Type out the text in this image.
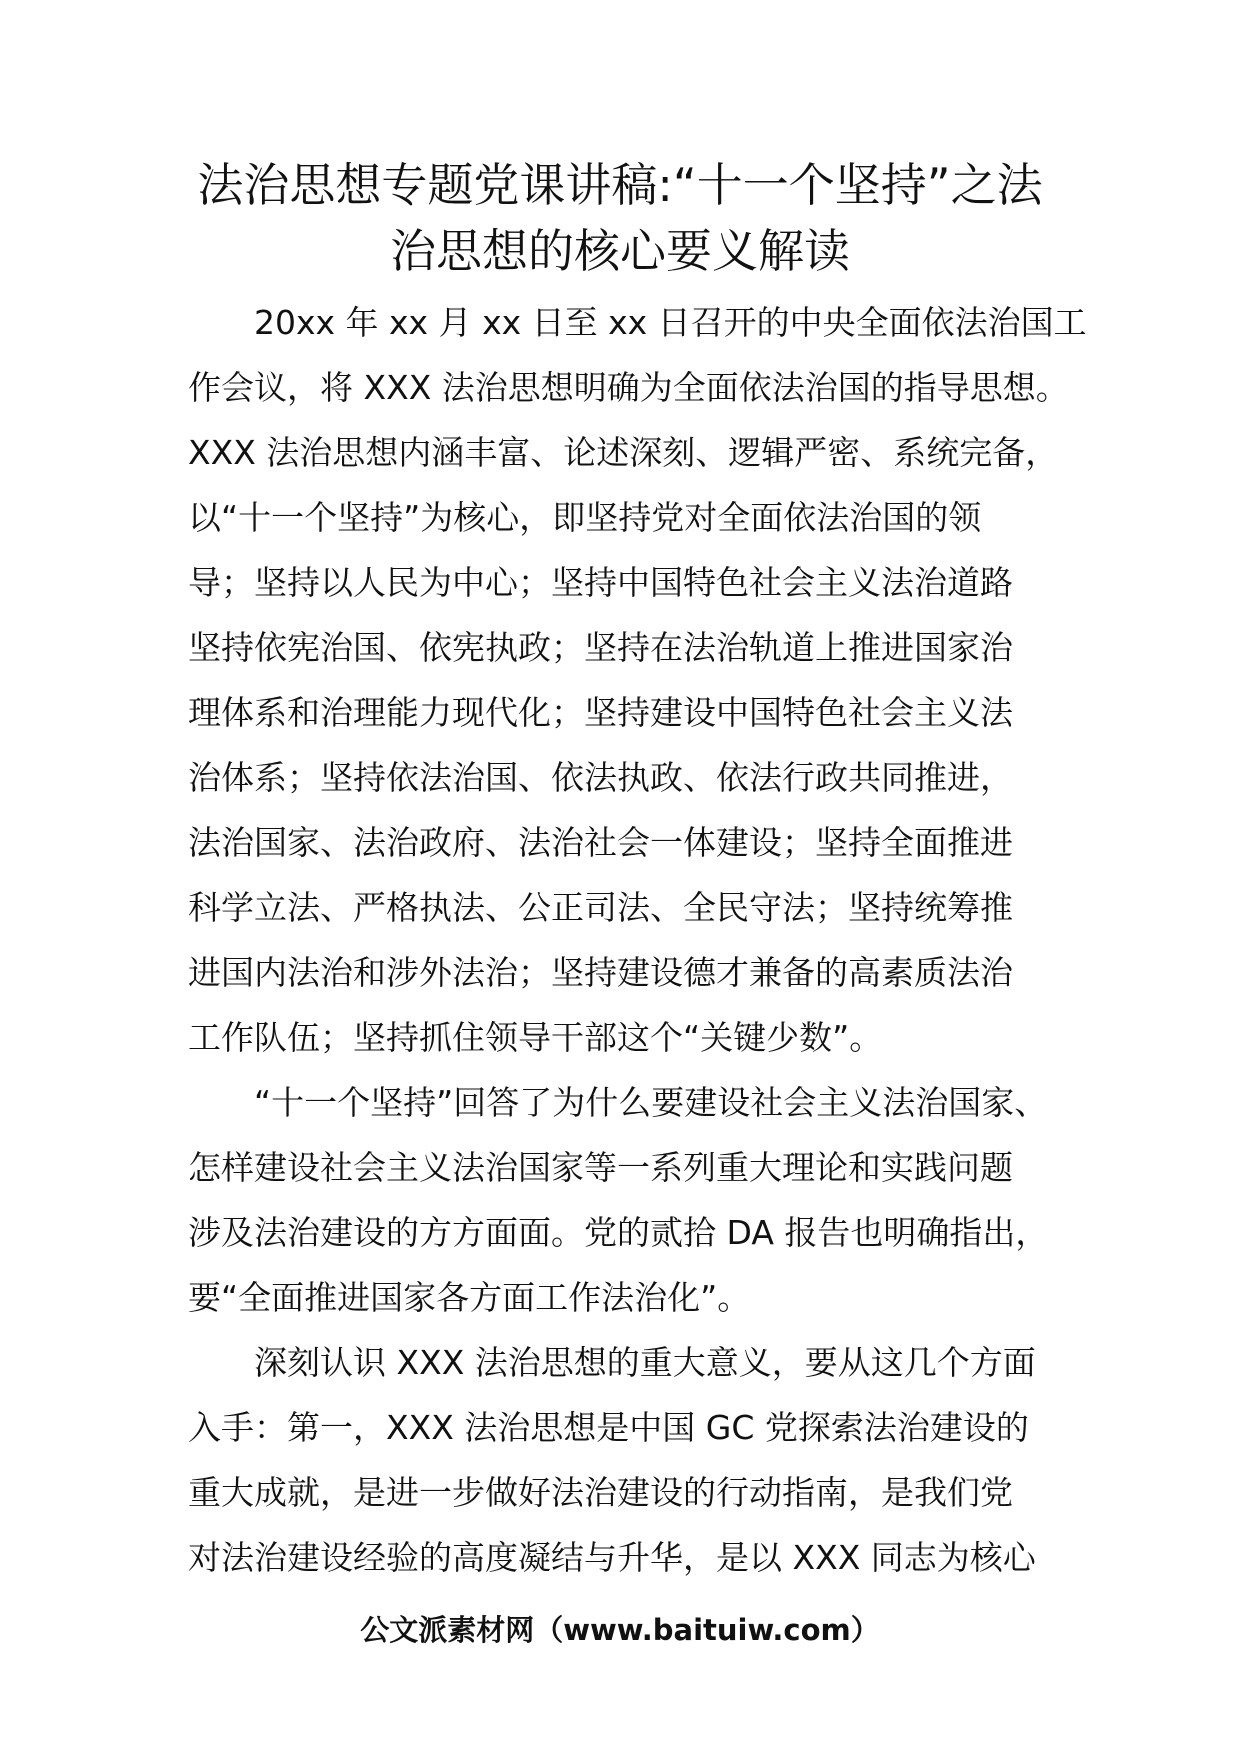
法治思想专题党课讲稿:“十一个坚持”之法
治思想的核心要义解读
20xx 年 xx 月 xx 日至 xx 日召开的中央全面依法治国工
作会议，将 XXX 法治思想明确为全面依法治国的指导思想。
XXX 法治思想内涵丰富、论述深刻、逻辑严密、系统完备，
以“十一个坚持”为核心，即坚持党对全面依法治国的领
导；坚持以人民为中心；坚持中国特色社会主义法治道路
坚持依宪治国、依宪执政；坚持在法治轨道上推进国家治
理体系和治理能力现代化；坚持建设中国特色社会主义法
治体系；坚持依法治国、依法执政、依法行政共同推进，
法治国家、法治政府、法治社会一体建设；坚持全面推进
科学立法、严格执法、公正司法、全民守法；坚持统筹推
进国内法治和涉外法治；坚持建设德才兼备的高素质法治
工作队伍；坚持抓住领导干部这个“关键少数”。
“十一个坚持”回答了为什么要建设社会主义法治国家、
怎样建设社会主义法治国家等一系列重大理论和实践问题
涉及法治建设的方方面面。党的贰拾 DA 报告也明确指出，
要“全面推进国家各方面工作法治化”。
深刻认识 XXX 法治思想的重大意义，要从这几个方面
入手：第一，XXX 法治思想是中国 GC 党探索法治建设的
重大成就，是进一步做好法治建设的行动指南，是我们党
对法治建设经验的高度凝结与升华，是以 XXX 同志为核心
公文派素材网（www.baituiw.com）
